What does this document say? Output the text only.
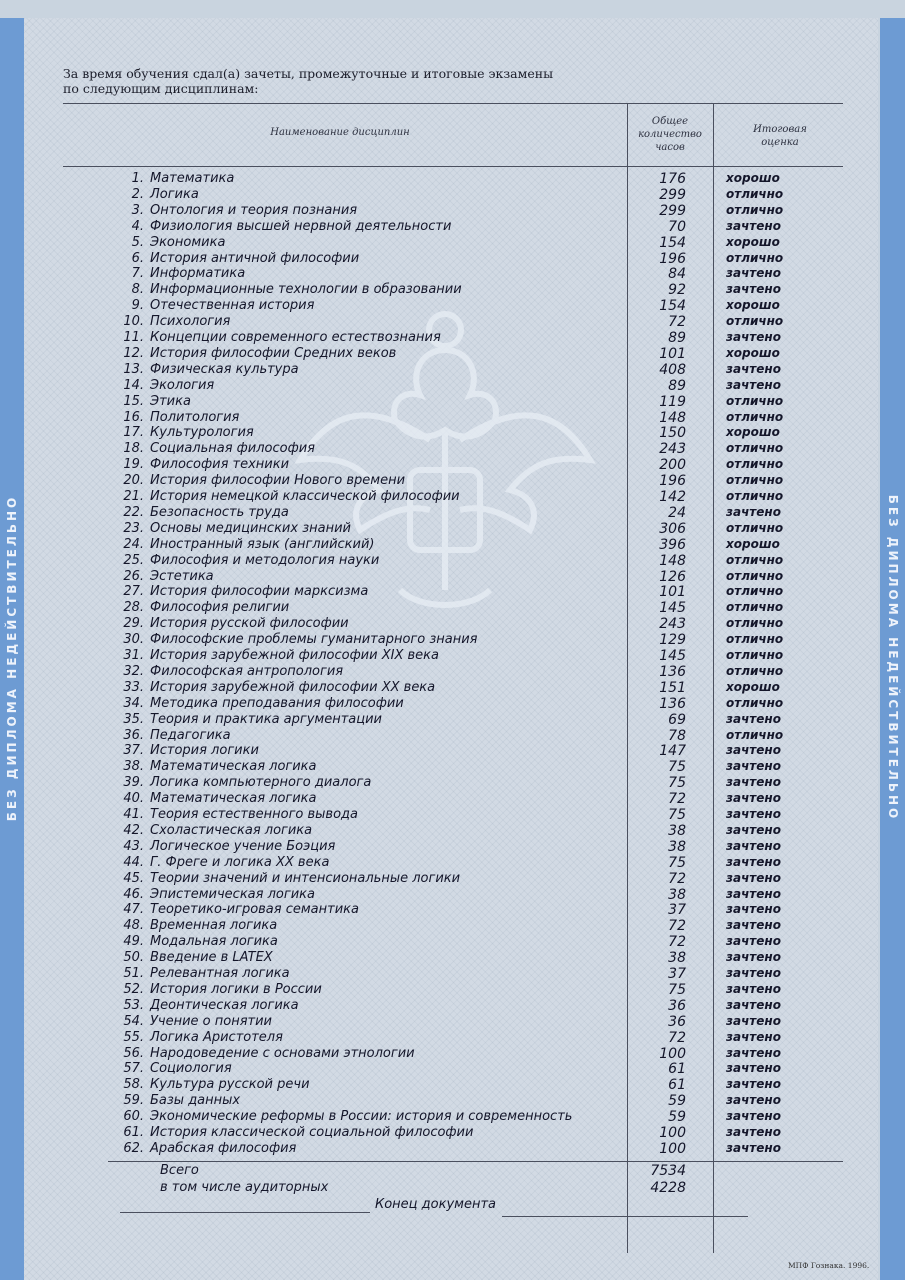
БЕЗ ДИПЛОМА НЕДЕЙСТВИТЕЛЬНО	БЕЗ ДИПЛОМА НЕДЕЙСТВИТЕЛЬНО
За время обучения сдал(а) зачеты, промежуточные и итоговые экзамены
по следующим дисциплинам:
Наименование дисциплин
Общее
количество
часов
Итоговая
оценка
1. Математика	176	хорошо
2. Логика	299	отлично
3. Онтология и теория познания	299	отлично
4. Физиология высшей нервной деятельности	70	зачтено
5. Экономика	154	хорошо
6. История античной философии	196	отлично
7. Информатика	84	зачтено
8. Информационные технологии в образовании	92	зачтено
9. Отечественная история	154	хорошо
10. Психология	72	отлично
11. Концепции современного естествознания	89	зачтено
12. История философии Средних веков	101	хорошо
13. Физическая культура	408	зачтено
14. Экология	89	зачтено
15. Этика	119	отлично
16. Политология	148	отлично
17. Культурология	150	хорошо
18. Социальная философия	243	отлично
19. Философия техники	200	отлично
20. История философии Нового времени	196	отлично
21. История немецкой классической философии	142	отлично
22. Безопасность труда	24	зачтено
23. Основы медицинских знаний	306	отлично
24. Иностранный язык (английский)	396	хорошо
25. Философия и методология науки	148	отлично
26. Эстетика	126	отлично
27. История философии марксизма	101	отлично
28. Философия религии	145	отлично
29. История русской философии	243	отлично
30. Философские проблемы гуманитарного знания	129	отлично
31. История зарубежной философии XIX века	145	отлично
32. Философская антропология	136	отлично
33. История зарубежной философии XX века	151	хорошо
34. Методика преподавания философии	136	отлично
35. Теория и практика аргументации	69	зачтено
36. Педагогика	78	отлично
37. История логики	147	зачтено
38. Математическая логика	75	зачтено
39. Логика компьютерного диалога	75	зачтено
40. Математическая логика	72	зачтено
41. Теория естественного вывода	75	зачтено
42. Схоластическая логика	38	зачтено
43. Логическое учение Боэция	38	зачтено
44. Г. Фреге и логика XX века	75	зачтено
45. Теории значений и интенсиональные логики	72	зачтено
46. Эпистемическая логика	38	зачтено
47. Теоретико-игровая семантика	37	зачтено
48. Временная логика	72	зачтено
49. Модальная логика	72	зачтено
50. Введение в LATEX	38	зачтено
51. Релевантная логика	37	зачтено
52. История логики в России	75	зачтено
53. Деонтическая логика	36	зачтено
54. Учение о понятии	36	зачтено
55. Логика Аристотеля	72	зачтено
56. Народоведение с основами этнологии	100	зачтено
57. Социология	61	зачтено
58. Культура русской речи	61	зачтено
59. Базы данных	59	зачтено
60. Экономические реформы в России: история и современность	59	зачтено
61. История классической социальной философии	100	зачтено
62. Арабская философия	100	зачтено
Всего	7534
в том числе аудиторных	4228
Конец документа
МПФ Гознака. 1996.
